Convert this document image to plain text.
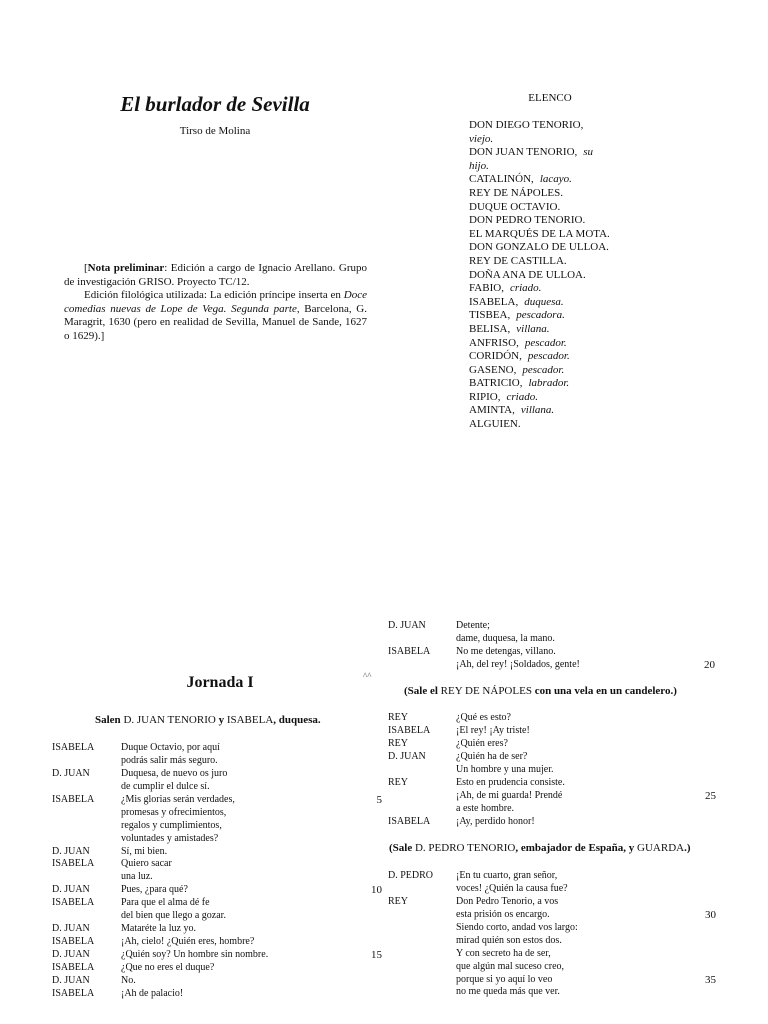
El burlador de Sevilla
Tirso de Molina

[Nota preliminar: Edición a cargo de Ignacio Arellano. Grupo de investigación GRISO. Proyecto TC/12.

Edición filológica utilizada: La edición príncipe inserta en Doce comedias nuevas de Lope de Vega. Segunda parte, Barcelona, G. Maragrit, 1630 (pero en realidad de Sevilla, Manuel de Sande, 1627 o 1629).]

ELENCO
DON DIEGO TENORIO,
viejo.
DON JUAN TENORIO, su
hijo.
CATALINÓN, lacayo.
REY DE NÁPOLES.
DUQUE OCTAVIO.
DON PEDRO TENORIO.
EL MARQUÉS DE LA MOTA.
DON GONZALO DE ULLOA.
REY DE CASTILLA.
DOÑA ANA DE ULLOA.
FABIO, criado.
ISABELA, duquesa.
TISBEA, pescadora.
BELISA, villana.
ANFRISO, pescador.
CORIDÓN, pescador.
GASENO, pescador.
BATRICIO, labrador.
RIPIO, criado.
AMINTA, villana.
ALGUIEN.
Jornada I	^^
Salen D. JUAN TENORIO y ISABELA, duquesa.
(Sale el REY DE NÁPOLES con una vela en un candelero.)
(Sale D. PEDRO TENORIO, embajador de España, y GUARDA.)
ISABELA	Duque Octavio, por aquí
podrás salir más seguro.
D. JUAN	Duquesa, de nuevo os juro
de cumplir el dulce sí.
ISABELA	¿Mis glorias serán verdades,	5
promesas y ofrecimientos,
regalos y cumplimientos,
voluntades y amistades?
D. JUAN	Sí, mi bien.
ISABELA	Quiero sacar
una luz.
D. JUAN	Pues, ¿para qué?	10
ISABELA	Para que el alma dé fe
del bien que llego a gozar.
D. JUAN	Mataréte la luz yo.
ISABELA	¡Ah, cielo! ¿Quién eres, hombre?
D. JUAN	¿Quién soy? Un hombre sin nombre.	15
ISABELA	¿Que no eres el duque?
D. JUAN	No.
ISABELA	¡Ah de palacio!
D. JUAN	Detente;
dame, duquesa, la mano.
ISABELA	No me detengas, villano.
¡Ah, del rey! ¡Soldados, gente!	20
REY	¿Qué es esto?
ISABELA	¡El rey! ¡Ay triste!
REY	¿Quién eres?
D. JUAN	¿Quién ha de ser?
Un hombre y una mujer.
REY	Esto en prudencia consiste.
¡Ah, de mi guarda! Prendé	25
a este hombre.
ISABELA	¡Ay, perdido honor!
D. PEDRO ¡En tu cuarto, gran señor,
voces! ¿Quién la causa fue?
REY	Don Pedro Tenorio, a vos
esta prisión os encargo.	30
Siendo corto, andad vos largo:
mirad quién son estos dos.
Y con secreto ha de ser,
que algún mal suceso creo,
porque si yo aquí lo veo	35
no me queda más que ver.
